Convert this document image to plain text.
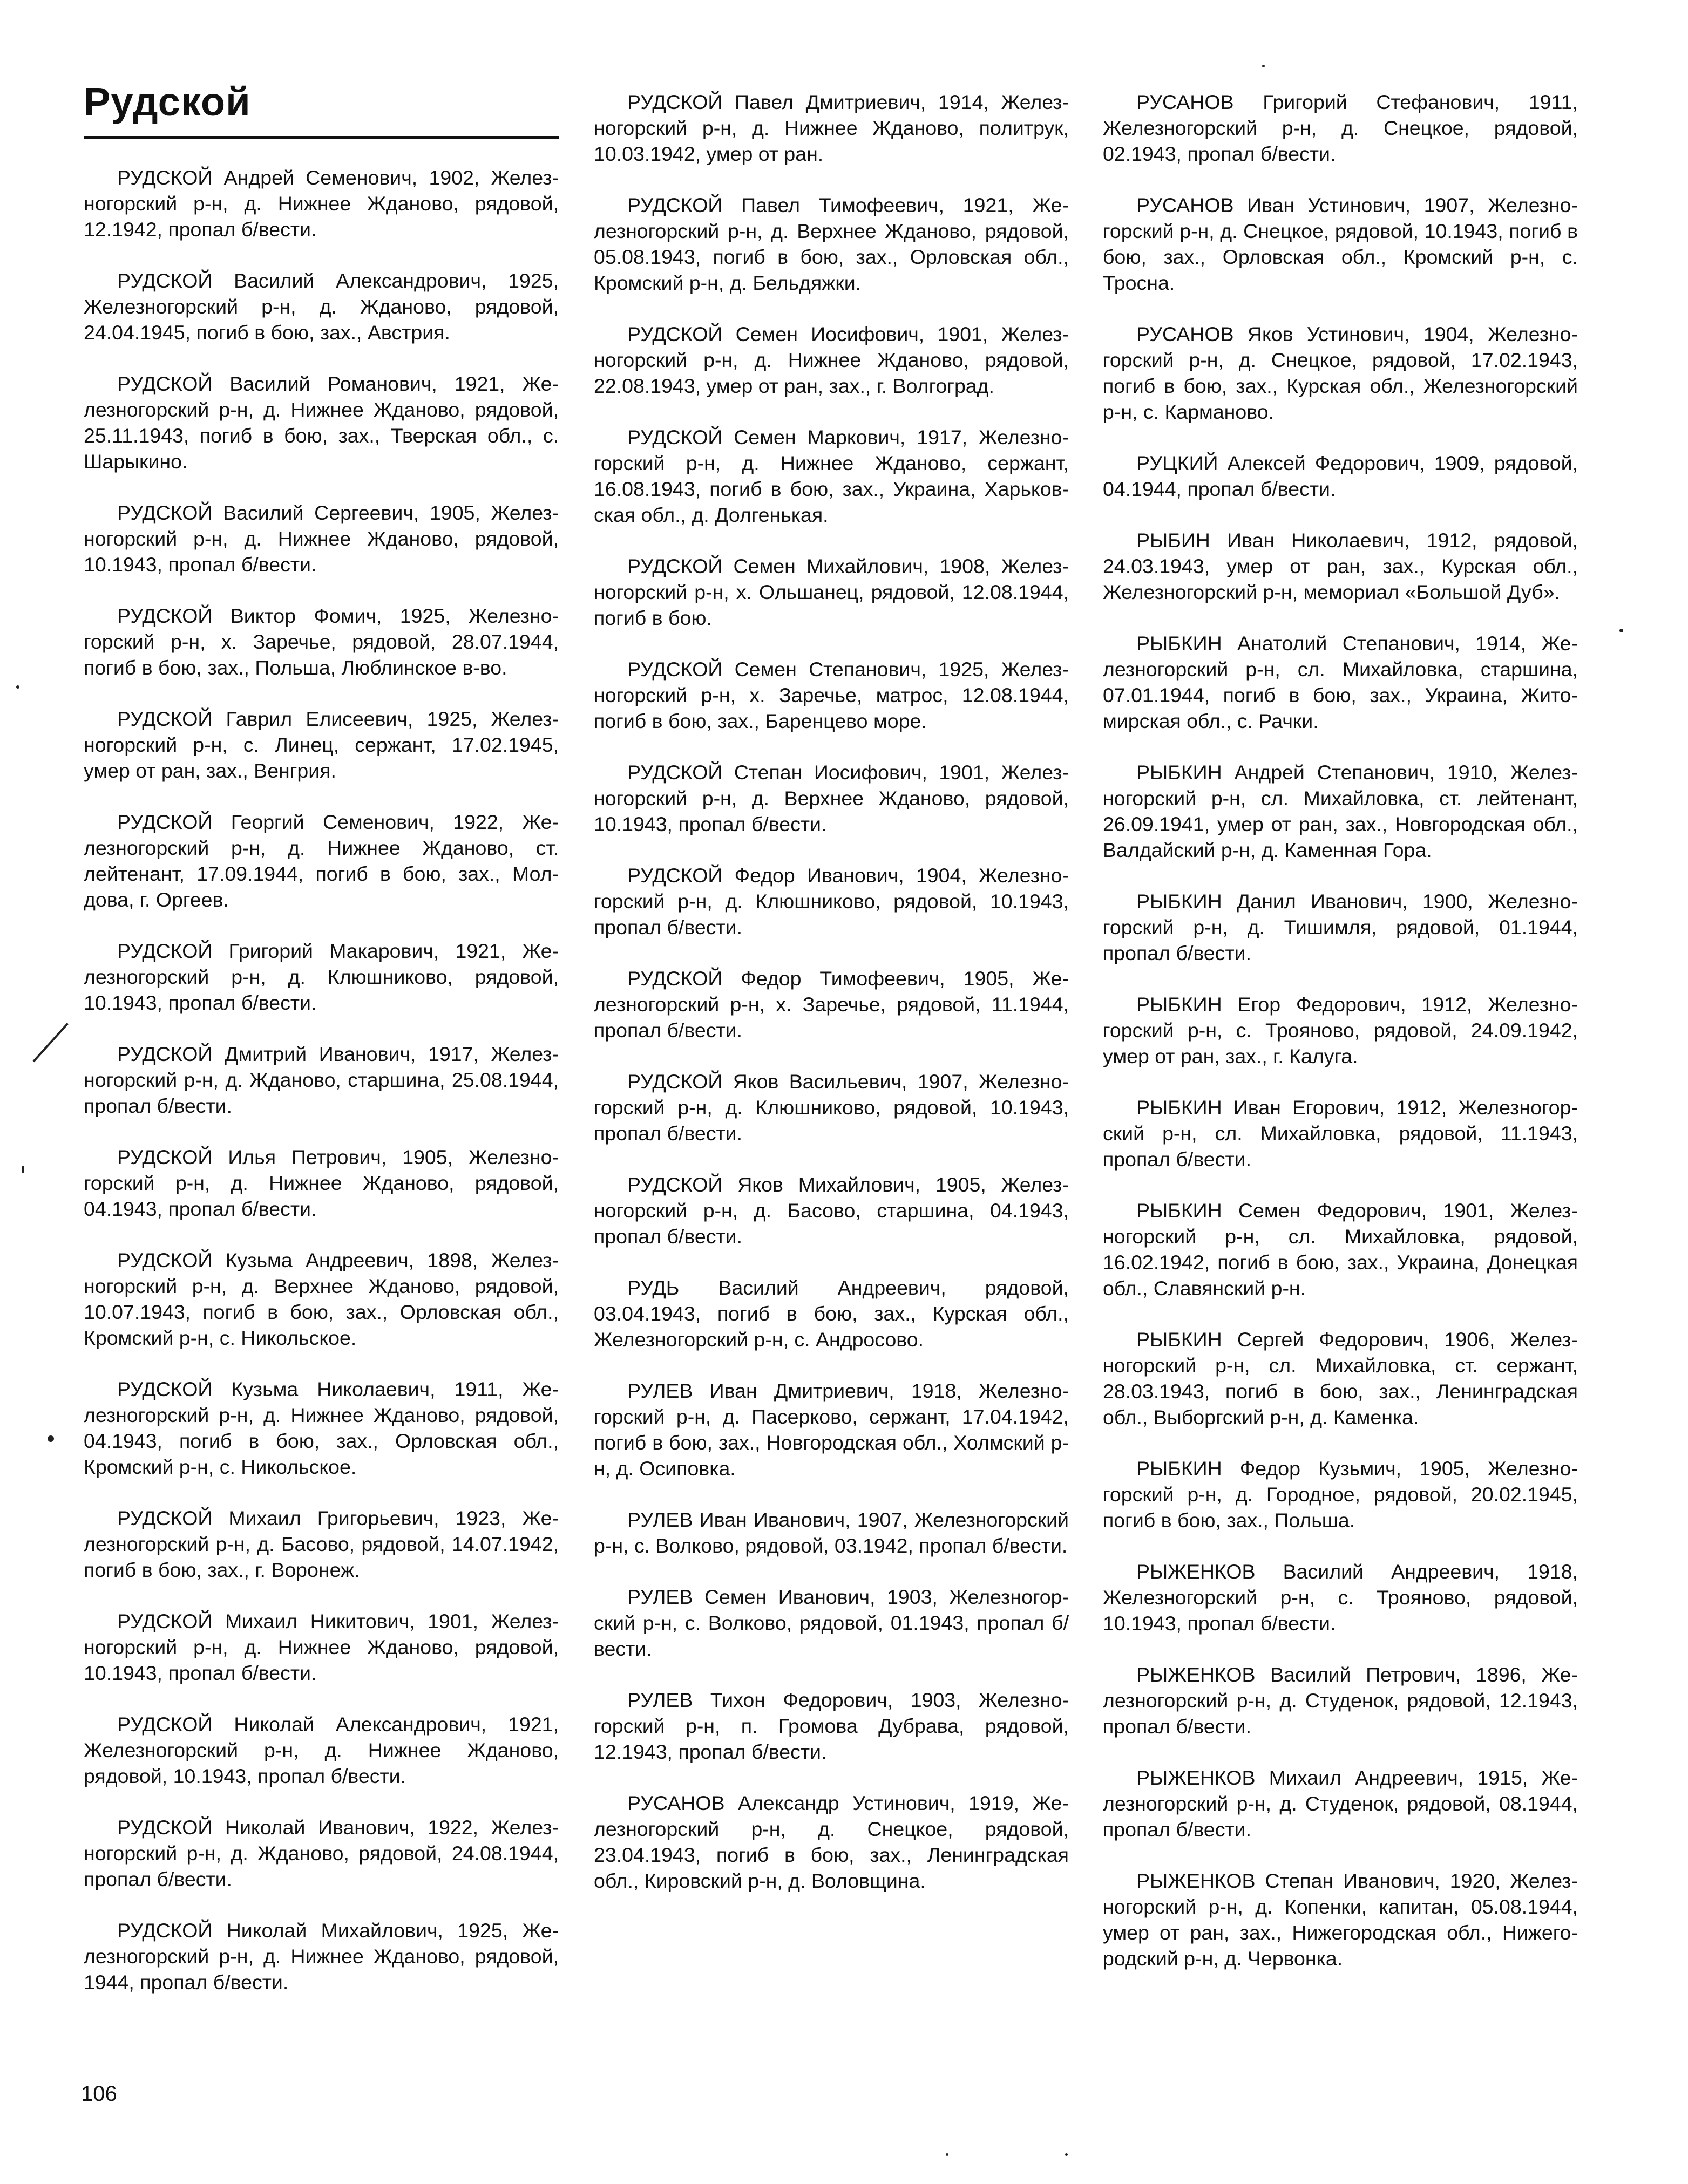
Рудской

РУДСКОЙ Андрей Семенович, 1902, Железногорский р-н, д. Нижнее Жданово, рядовой, 12.1942, пропал б/вести.

РУДСКОЙ Василий Александрович, 1925, Железногорский р-н, д. Жданово, рядовой, 24.04.1945, погиб в бою, зах., Австрия.

РУДСКОЙ Василий Романович, 1921, Железногорский р-н, д. Нижнее Жданово, рядовой, 25.11.1943, погиб в бою, зах., Тверская обл., с. Шарыкино.

РУДСКОЙ Василий Сергеевич, 1905, Железногорский р-н, д. Нижнее Жданово, рядовой, 10.1943, пропал б/вести.

РУДСКОЙ Виктор Фомич, 1925, Железногорский р-н, х. Заречье, рядовой, 28.07.1944, погиб в бою, зах., Польша, Люблинское в-во.

РУДСКОЙ Гаврил Елисеевич, 1925, Железногорский р-н, с. Линец, сержант, 17.02.1945, умер от ран, зах., Венгрия.

РУДСКОЙ Георгий Семенович, 1922, Железногорский р-н, д. Нижнее Жданово, ст. лейтенант, 17.09.1944, погиб в бою, зах., Молдова, г. Оргеев.

РУДСКОЙ Григорий Макарович, 1921, Железногорский р-н, д. Клюшниково, рядовой, 10.1943, пропал б/вести.

РУДСКОЙ Дмитрий Иванович, 1917, Железногорский р-н, д. Жданово, старшина, 25.08.1944, пропал б/вести.

РУДСКОЙ Илья Петрович, 1905, Железногорский р-н, д. Нижнее Жданово, рядовой, 04.1943, пропал б/вести.

РУДСКОЙ Кузьма Андреевич, 1898, Железногорский р-н, д. Верхнее Жданово, рядовой, 10.07.1943, погиб в бою, зах., Орловская обл., Кромский р-н, с. Никольское.

РУДСКОЙ Кузьма Николаевич, 1911, Железногорский р-н, д. Нижнее Жданово, рядовой, 04.1943, погиб в бою, зах., Орловская обл., Кромский р-н, с. Никольское.

РУДСКОЙ Михаил Григорьевич, 1923, Железногорский р-н, д. Басово, рядовой, 14.07.1942, погиб в бою, зах., г. Воронеж.

РУДСКОЙ Михаил Никитович, 1901, Железногорский р-н, д. Нижнее Жданово, рядовой, 10.1943, пропал б/вести.

РУДСКОЙ Николай Александрович, 1921, Железногорский р-н, д. Нижнее Жданово, рядовой, 10.1943, пропал б/вести.

РУДСКОЙ Николай Иванович, 1922, Железногорский р-н, д. Жданово, рядовой, 24.08.1944, пропал б/вести.

РУДСКОЙ Николай Михайлович, 1925, Железногорский р-н, д. Нижнее Жданово, рядовой, 1944, пропал б/вести.

РУДСКОЙ Павел Дмитриевич, 1914, Железногорский р-н, д. Нижнее Жданово, политрук, 10.03.1942, умер от ран.

РУДСКОЙ Павел Тимофеевич, 1921, Железногорский р-н, д. Верхнее Жданово, рядовой, 05.08.1943, погиб в бою, зах., Орловская обл., Кромский р-н, д. Бельдяжки.

РУДСКОЙ Семен Иосифович, 1901, Железногорский р-н, д. Нижнее Жданово, рядовой, 22.08.1943, умер от ран, зах., г. Волгоград.

РУДСКОЙ Семен Маркович, 1917, Железногорский р-н, д. Нижнее Жданово, сержант, 16.08.1943, погиб в бою, зах., Украина, Харьковская обл., д. Долгенькая.

РУДСКОЙ Семен Михайлович, 1908, Железногорский р-н, х. Ольшанец, рядовой, 12.08.1944, погиб в бою.

РУДСКОЙ Семен Степанович, 1925, Железногорский р-н, х. Заречье, матрос, 12.08.1944, погиб в бою, зах., Баренцево море.

РУДСКОЙ Степан Иосифович, 1901, Железногорский р-н, д. Верхнее Жданово, рядовой, 10.1943, пропал б/вести.

РУДСКОЙ Федор Иванович, 1904, Железногорский р-н, д. Клюшниково, рядовой, 10.1943, пропал б/вести.

РУДСКОЙ Федор Тимофеевич, 1905, Железногорский р-н, х. Заречье, рядовой, 11.1944, пропал б/вести.

РУДСКОЙ Яков Васильевич, 1907, Железногорский р-н, д. Клюшниково, рядовой, 10.1943, пропал б/вести.

РУДСКОЙ Яков Михайлович, 1905, Железногорский р-н, д. Басово, старшина, 04.1943, пропал б/вести.

РУДЬ Василий Андреевич, рядовой, 03.04.1943, погиб в бою, зах., Курская обл., Железногорский р-н, с. Андросово.

РУЛЕВ Иван Дмитриевич, 1918, Железногорский р-н, д. Пасерково, сержант, 17.04.1942, погиб в бою, зах., Новгородская обл., Холмский р-н, д. Осиповка.

РУЛЕВ Иван Иванович, 1907, Железногорский р-н, с. Волково, рядовой, 03.1942, пропал б/вести.

РУЛЕВ Семен Иванович, 1903, Железногорский р-н, с. Волково, рядовой, 01.1943, пропал б/вести.

РУЛЕВ Тихон Федорович, 1903, Железногорский р-н, п. Громова Дубрава, рядовой, 12.1943, пропал б/вести.

РУСАНОВ Александр Устинович, 1919, Железногорский р-н, д. Снецкое, рядовой, 23.04.1943, погиб в бою, зах., Ленинградская обл., Кировский р-н, д. Воловщина.

РУСАНОВ Григорий Стефанович, 1911, Железногорский р-н, д. Снецкое, рядовой, 02.1943, пропал б/вести.

РУСАНОВ Иван Устинович, 1907, Железногорский р-н, д. Снецкое, рядовой, 10.1943, погиб в бою, зах., Орловская обл., Кромский р-н, с. Тросна.

РУСАНОВ Яков Устинович, 1904, Железногорский р-н, д. Снецкое, рядовой, 17.02.1943, погиб в бою, зах., Курская обл., Железногорский р-н, с. Карманово.

РУЦКИЙ Алексей Федорович, 1909, рядовой, 04.1944, пропал б/вести.

РЫБИН Иван Николаевич, 1912, рядовой, 24.03.1943, умер от ран, зах., Курская обл., Железногорский р-н, мемориал «Большой Дуб».

РЫБКИН Анатолий Степанович, 1914, Железногорский р-н, сл. Михайловка, старшина, 07.01.1944, погиб в бою, зах., Украина, Житомирская обл., с. Рачки.

РЫБКИН Андрей Степанович, 1910, Железногорский р-н, сл. Михайловка, ст. лейтенант, 26.09.1941, умер от ран, зах., Новгородская обл., Валдайский р-н, д. Каменная Гора.

РЫБКИН Данил Иванович, 1900, Железногорский р-н, д. Тишимля, рядовой, 01.1944, пропал б/вести.

РЫБКИН Егор Федорович, 1912, Железногорский р-н, с. Трояново, рядовой, 24.09.1942, умер от ран, зах., г. Калуга.

РЫБКИН Иван Егорович, 1912, Железногорский р-н, сл. Михайловка, рядовой, 11.1943, пропал б/вести.

РЫБКИН Семен Федорович, 1901, Железногорский р-н, сл. Михайловка, рядовой, 16.02.1942, погиб в бою, зах., Украина, Донецкая обл., Славянский р-н.

РЫБКИН Сергей Федорович, 1906, Железногорский р-н, сл. Михайловка, ст. сержант, 28.03.1943, погиб в бою, зах., Ленинградская обл., Выборгский р-н, д. Каменка.

РЫБКИН Федор Кузьмич, 1905, Железногорский р-н, д. Городное, рядовой, 20.02.1945, погиб в бою, зах., Польша.

РЫЖЕНКОВ Василий Андреевич, 1918, Железногорский р-н, с. Трояново, рядовой, 10.1943, пропал б/вести.

РЫЖЕНКОВ Василий Петрович, 1896, Железногорский р-н, д. Студенок, рядовой, 12.1943, пропал б/вести.

РЫЖЕНКОВ Михаил Андреевич, 1915, Железногорский р-н, д. Студенок, рядовой, 08.1944, пропал б/вести.

РЫЖЕНКОВ Степан Иванович, 1920, Железногорский р-н, д. Копенки, капитан, 05.08.1944, умер от ран, зах., Нижегородская обл., Нижегородский р-н, д. Червонка.

106
